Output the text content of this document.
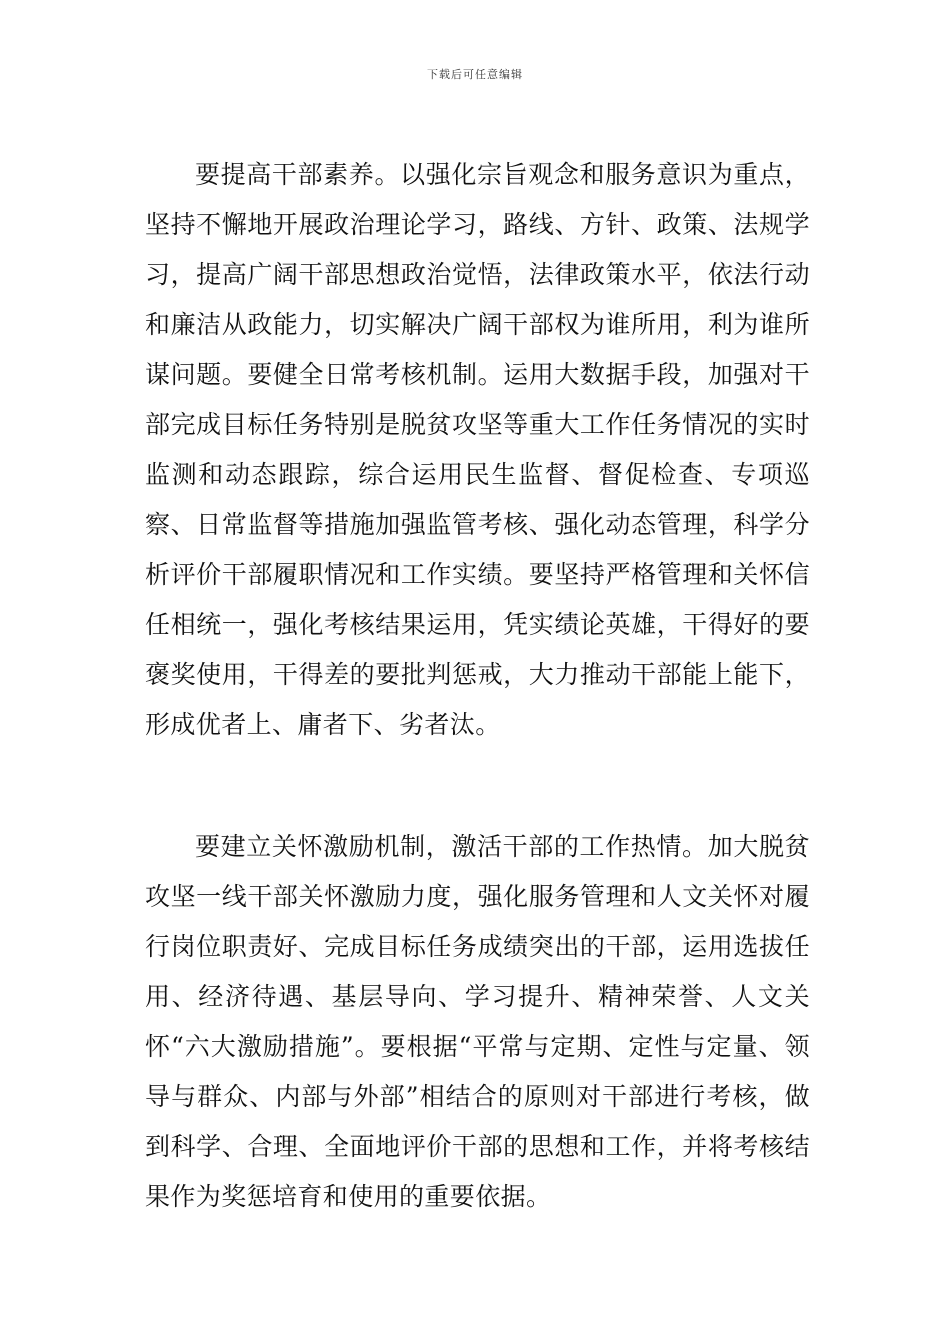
下载后可任意编辑

要提高干部素养。以强化宗旨观念和服务意识为重点，坚持不懈地开展政治理论学习，路线、方针、政策、法规学习，提高广阔干部思想政治觉悟，法律政策水平，依法行动和廉洁从政能力，切实解决广阔干部权为谁所用，利为谁所谋问题。要健全日常考核机制。运用大数据手段，加强对干部完成目标任务特别是脱贫攻坚等重大工作任务情况的实时监测和动态跟踪，综合运用民生监督、督促检查、专项巡察、日常监督等措施加强监管考核、强化动态管理，科学分析评价干部履职情况和工作实绩。要坚持严格管理和关怀信任相统一，强化考核结果运用，凭实绩论英雄，干得好的要褒奖使用，干得差的要批判惩戒，大力推动干部能上能下，形成优者上、庸者下、劣者汰。

要建立关怀激励机制，激活干部的工作热情。加大脱贫攻坚一线干部关怀激励力度，强化服务管理和人文关怀对履行岗位职责好、完成目标任务成绩突出的干部，运用选拔任用、经济待遇、基层导向、学习提升、精神荣誉、人文关怀“六大激励措施”。要根据“平常与定期、定性与定量、领导与群众、内部与外部”相结合的原则对干部进行考核，做到科学、合理、全面地评价干部的思想和工作，并将考核结果作为奖惩培育和使用的重要依据。
